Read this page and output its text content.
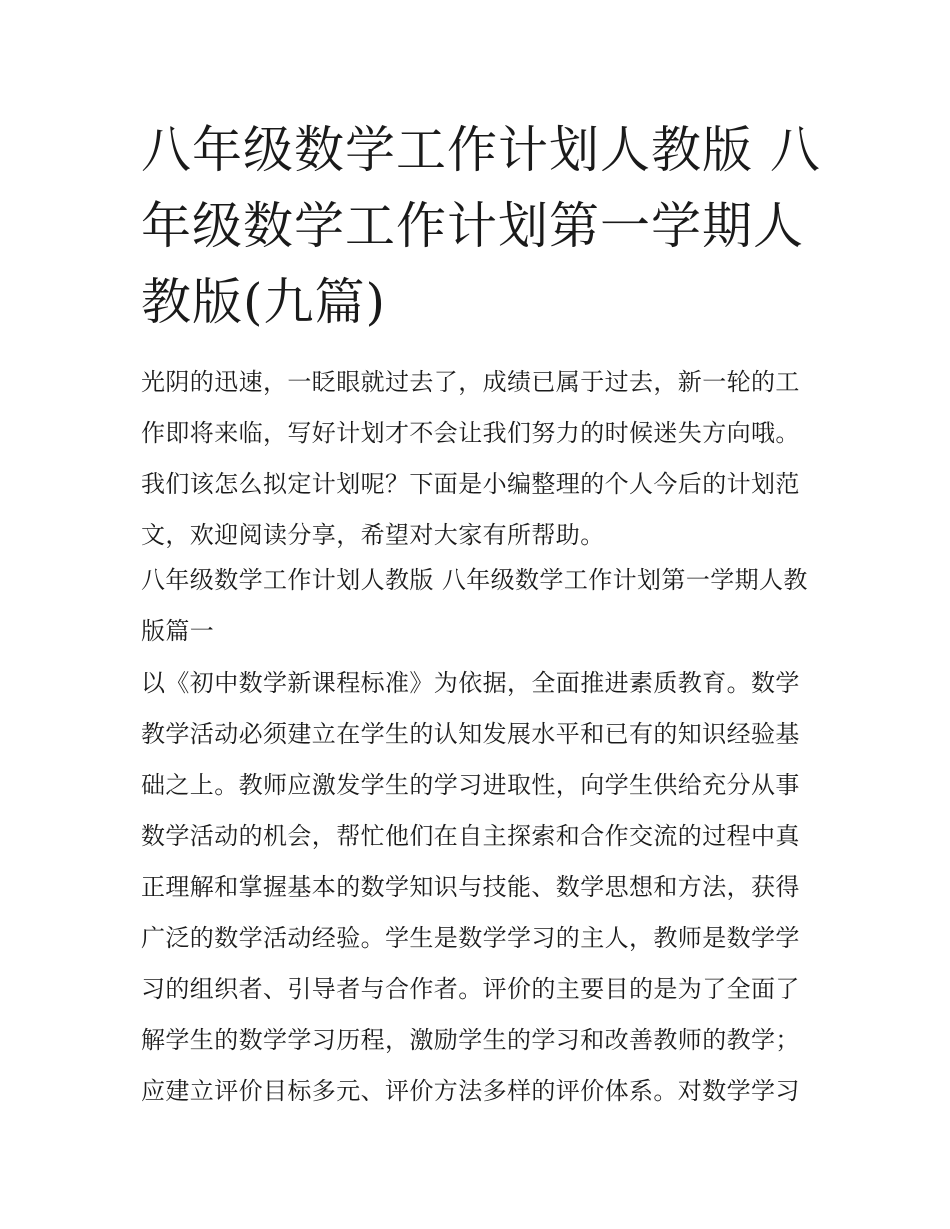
八年级数学工作计划人教版 八年级数学工作计划第一学期人教版(九篇)

光阴的迅速，一眨眼就过去了，成绩已属于过去，新一轮的工作即将来临，写好计划才不会让我们努力的时候迷失方向哦。我们该怎么拟定计划呢？下面是小编整理的个人今后的计划范文，欢迎阅读分享，希望对大家有所帮助。

八年级数学工作计划人教版 八年级数学工作计划第一学期人教版篇一

以《初中数学新课程标准》为依据，全面推进素质教育。数学教学活动必须建立在学生的认知发展水平和已有的知识经验基础之上。教师应激发学生的学习进取性，向学生供给充分从事数学活动的机会，帮忙他们在自主探索和合作交流的过程中真正理解和掌握基本的数学知识与技能、数学思想和方法，获得广泛的数学活动经验。学生是数学学习的主人，教师是数学学习的组织者、引导者与合作者。评价的主要目的是为了全面了解学生的数学学习历程，激励学生的学习和改善教师的教学；应建立评价目标多元、评价方法多样的评价体系。对数学学习
